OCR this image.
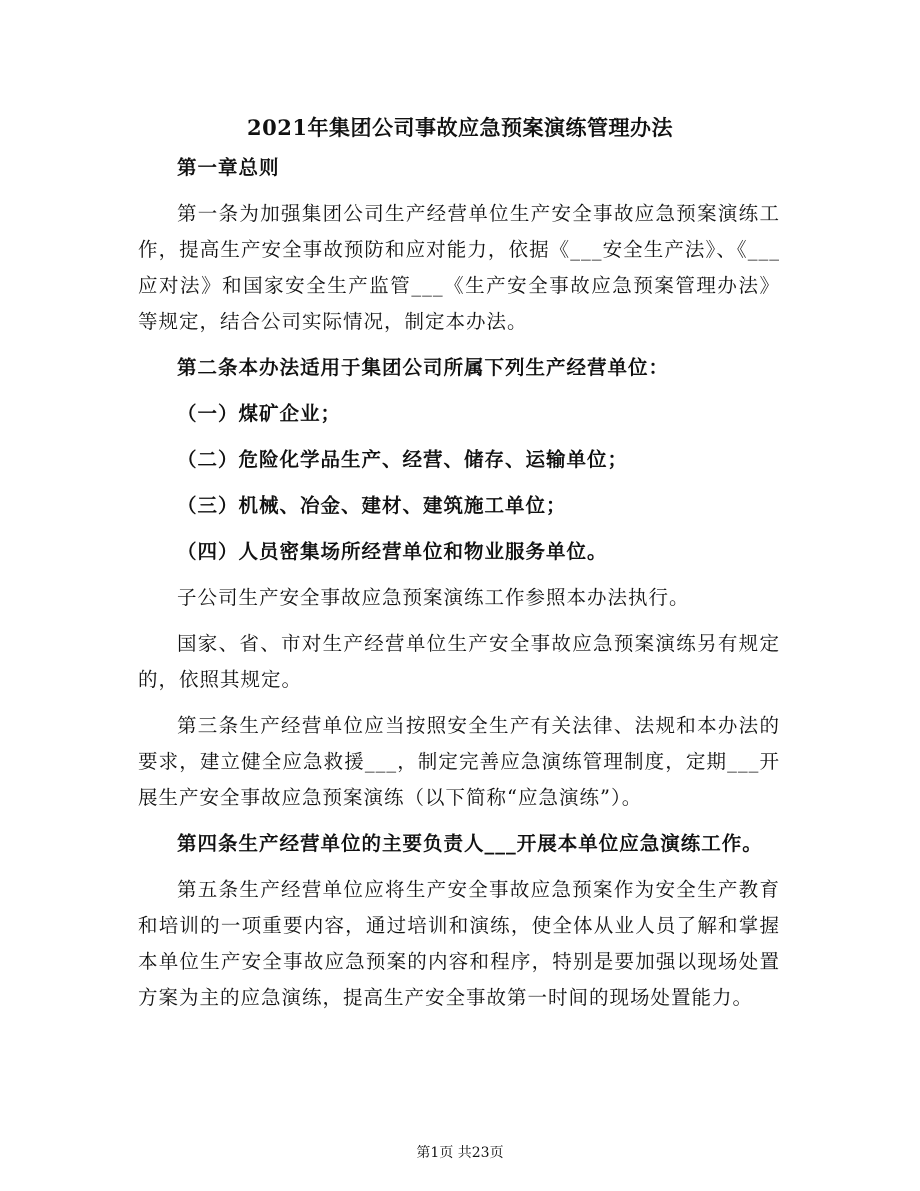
2021年集团公司事故应急预案演练管理办法

第一章总则

第一条为加强集团公司生产经营单位生产安全事故应急预案演练工作，提高生产安全事故预防和应对能力，依据《___安全生产法》、《___应对法》和国家安全生产监管___《生产安全事故应急预案管理办法》等规定，结合公司实际情况，制定本办法。

第二条本办法适用于集团公司所属下列生产经营单位：

（一）煤矿企业；

（二）危险化学品生产、经营、储存、运输单位；

（三）机械、冶金、建材、建筑施工单位；

（四）人员密集场所经营单位和物业服务单位。

子公司生产安全事故应急预案演练工作参照本办法执行。

国家、省、市对生产经营单位生产安全事故应急预案演练另有规定的，依照其规定。

第三条生产经营单位应当按照安全生产有关法律、法规和本办法的要求，建立健全应急救援___，制定完善应急演练管理制度，定期___开展生产安全事故应急预案演练（以下简称“应急演练”）。

第四条生产经营单位的主要负责人___开展本单位应急演练工作。

第五条生产经营单位应将生产安全事故应急预案作为安全生产教育和培训的一项重要内容，通过培训和演练，使全体从业人员了解和掌握本单位生产安全事故应急预案的内容和程序，特别是要加强以现场处置方案为主的应急演练，提高生产安全事故第一时间的现场处置能力。

第1页 共23页
